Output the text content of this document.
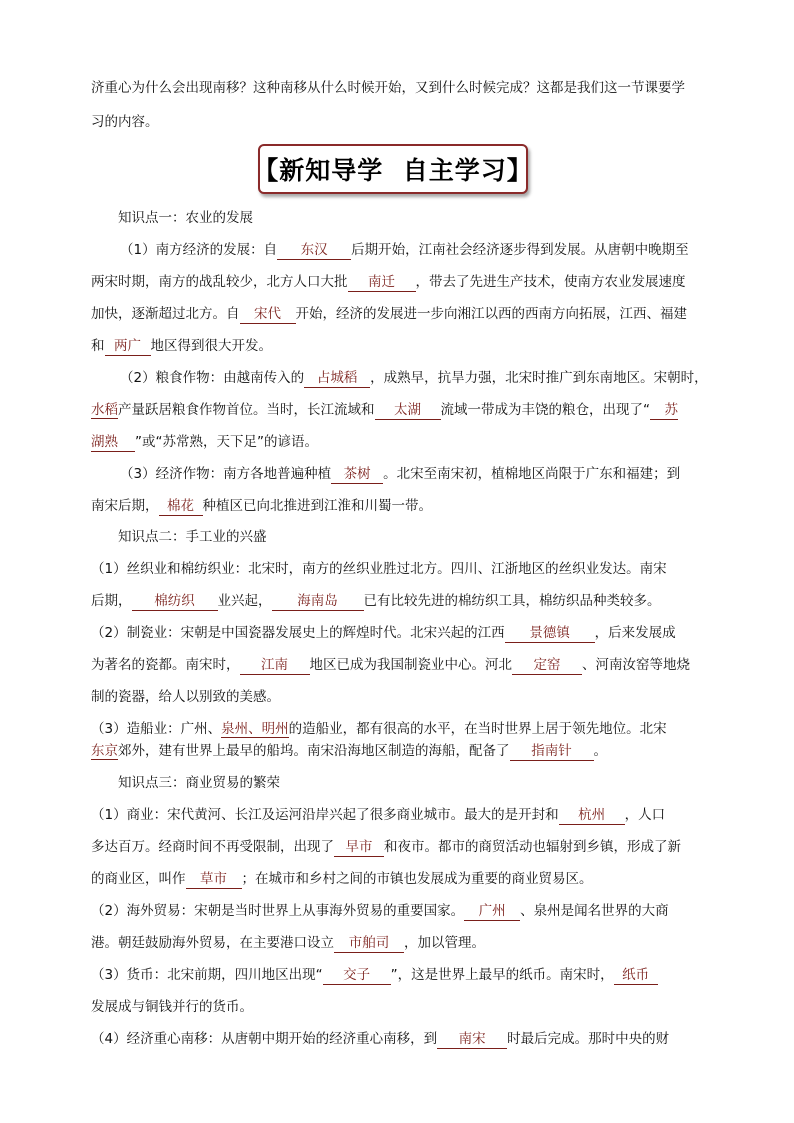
济重心为什么会出现南移？这种南移从什么时候开始，又到什么时候完成？这都是我们这一节课要学
习的内容。
【新知导学  自主学习】
知识点一：农业的发展
（1）南方经济的发展：自 东汉 后期开始，江南社会经济逐步得到发展。从唐朝中晚期至
两宋时期，南方的战乱较少，北方人口大批 南迁 ，带去了先进生产技术，使南方农业发展速度
加快，逐渐超过北方。自 宋代 开始，经济的发展进一步向湘江以西的西南方向拓展，江西、福建
和 两广 地区得到很大开发。
（2）粮食作物：由越南传入的 占城稻 ，成熟早，抗旱力强，北宋时推广到东南地区。宋朝时，
水稻产量跃居粮食作物首位。当时，长江流域和 太湖 流域一带成为丰饶的粮仓，出现了“ 苏
湖熟 ”或“苏常熟，天下足”的谚语。
（3）经济作物：南方各地普遍种植 茶树 。北宋至南宋初，植棉地区尚限于广东和福建；到
南宋后期， 棉花 种植区已向北推进到江淮和川蜀一带。
知识点二：手工业的兴盛
（1）丝织业和棉纺织业：北宋时，南方的丝织业胜过北方。四川、江浙地区的丝织业发达。南宋
后期， 棉纺织 业兴起， 海南岛 已有比较先进的棉纺织工具，棉纺织品种类较多。
（2）制瓷业：宋朝是中国瓷器发展史上的辉煌时代。北宋兴起的江西 景德镇 ，后来发展成
为著名的瓷都。南宋时， 江南 地区已成为我国制瓷业中心。河北 定窑 、河南汝窑等地烧
制的瓷器，给人以别致的美感。
（3）造船业：广州、泉州、明州的造船业，都有很高的水平，在当时世界上居于领先地位。北宋
东京郊外，建有世界上最早的船坞。南宋沿海地区制造的海船，配备了 指南针 。
知识点三：商业贸易的繁荣
（1）商业：宋代黄河、长江及运河沿岸兴起了很多商业城市。最大的是开封和 杭州 ，人口
多达百万。经商时间不再受限制，出现了 早市 和夜市。都市的商贸活动也辐射到乡镇，形成了新
的商业区，叫作 草市 ；在城市和乡村之间的市镇也发展成为重要的商业贸易区。
（2）海外贸易：宋朝是当时世界上从事海外贸易的重要国家。 广州 、泉州是闻名世界的大商
港。朝廷鼓励海外贸易，在主要港口设立 市舶司 ，加以管理。
（3）货币：北宋前期，四川地区出现“ 交子 ”，这是世界上最早的纸币。南宋时， 纸币
发展成与铜钱并行的货币。
（4）经济重心南移：从唐朝中期开始的经济重心南移，到 南宋 时最后完成。那时中央的财
